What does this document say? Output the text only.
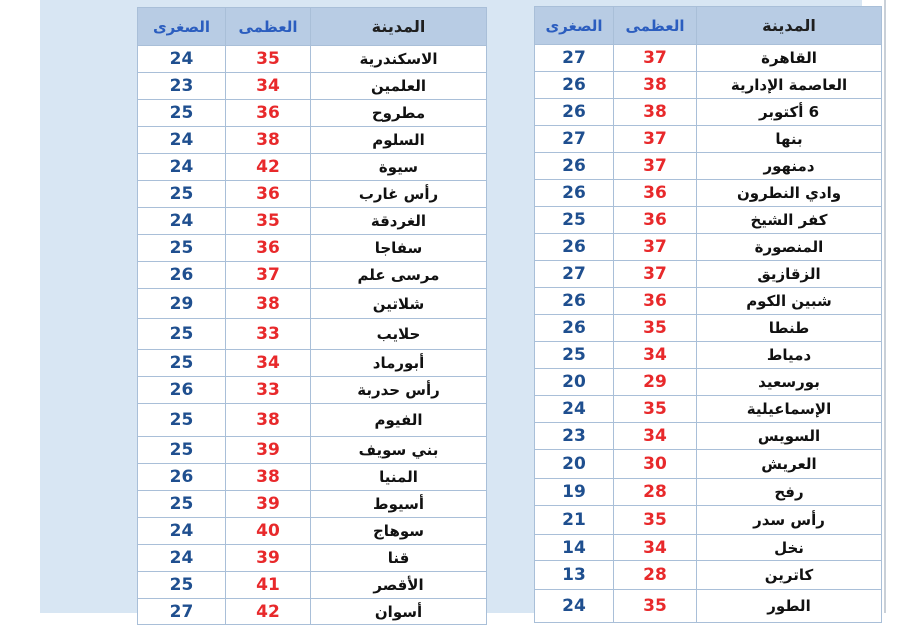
المدينة	العظمى	الصغرى
الاسكندرية	35	24
العلمين	34	23
مطروح	36	25
السلوم	38	24
سيوة	42	24
رأس غارب	36	25
الغردقة	35	24
سفاجا	36	25
مرسى علم	37	26
شلاتين	38	29
حلايب	33	25
أبورماد	34	25
رأس حدربة	33	26
الفيوم	38	25
بني سويف	39	25
المنيا	38	26
أسيوط	39	25
سوهاج	40	24
قنا	39	24
الأقصر	41	25
أسوان	42	27
المدينة	العظمى	الصغرى
القاهرة	37	27
العاصمة الإدارية	38	26
6 أكتوبر	38	26
بنها	37	27
دمنهور	37	26
وادي النطرون	36	26
كفر الشيخ	36	25
المنصورة	37	26
الزقازيق	37	27
شبين الكوم	36	26
طنطا	35	26
دمياط	34	25
بورسعيد	29	20
الإسماعيلية	35	24
السويس	34	23
العريش	30	20
رفح	28	19
رأس سدر	35	21
نخل	34	14
كاترين	28	13
الطور	35	24
